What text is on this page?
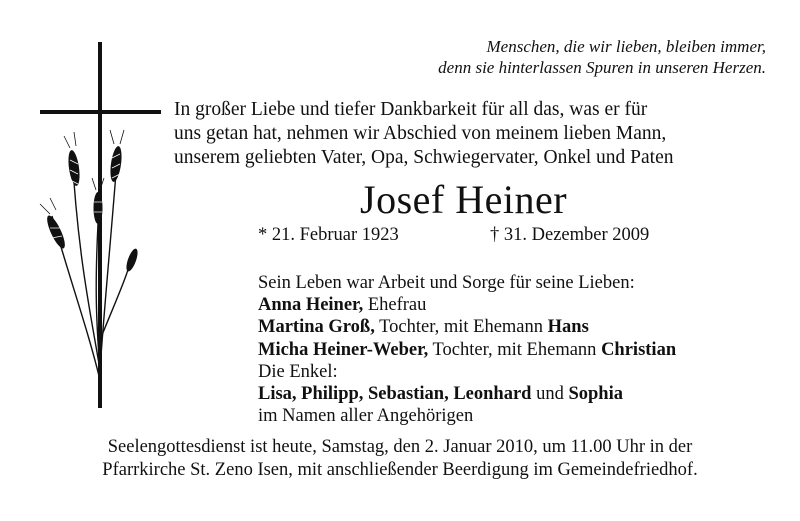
Menschen, die wir lieben, bleiben immer,
denn sie hinterlassen Spuren in unseren Herzen.
In großer Liebe und tiefer Dankbarkeit für all das, was er für
uns getan hat, nehmen wir Abschied von meinem lieben Mann,
unserem geliebten Vater, Opa, Schwiegervater, Onkel und Paten
Josef Heiner
* 21. Februar 1923	† 31. Dezember 2009
Sein Leben war Arbeit und Sorge für seine Lieben:
Anna Heiner, Ehefrau
Martina Groß, Tochter, mit Ehemann Hans
Micha Heiner-Weber, Tochter, mit Ehemann Christian
Die Enkel:
Lisa, Philipp, Sebastian, Leonhard und Sophia
im Namen aller Angehörigen
Seelengottesdienst ist heute, Samstag, den 2. Januar 2010, um 11.00 Uhr in der
Pfarrkirche St. Zeno Isen, mit anschließender Beerdigung im Gemeindefriedhof.
